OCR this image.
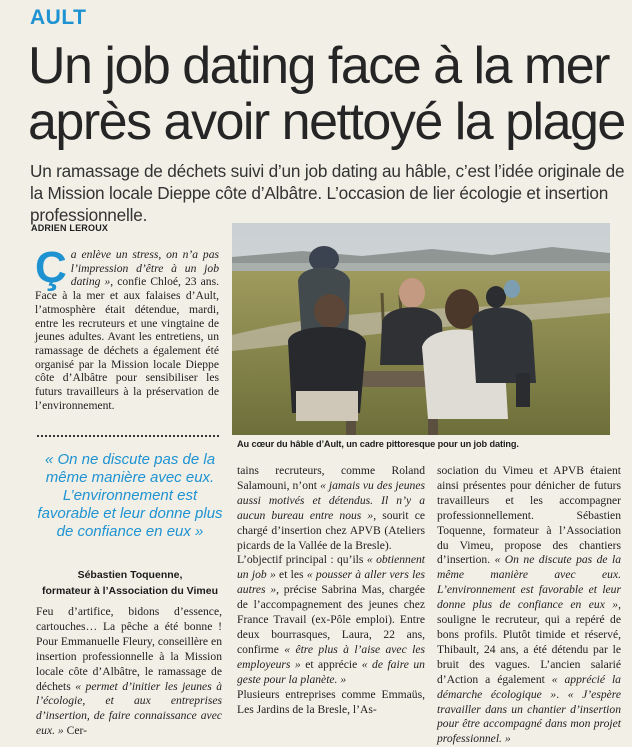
AULT
Un job dating face à la mer
après avoir nettoyé la plage
Un ramassage de déchets suivi d’un job dating au hâble, c’est l’idée originale de la Mission locale Dieppe côte d’Albâtre. L’occasion de lier écologie et insertion professionnelle.
ADRIEN LEROUX
Ça enlève un stress, on n’a pas l’impression d’être à un job dating », confie Chloé, 23 ans. Face à la mer et aux falaises d’Ault, l’atmosphère était détendue, mardi, entre les recruteurs et une vingtaine de jeunes adultes. Avant les entretiens, un ramassage de déchets a également été organisé par la Mission locale Dieppe côte d’Albâtre pour sensibiliser les futurs travailleurs à la préservation de l’environnement.
« On ne discute pas de la même manière avec eux. L’environnement est favorable et leur donne plus de confiance en eux »
Sébastien Toquenne,
formateur à l’Association du Vimeu
Au cœur du hâble d’Ault, un cadre pittoresque pour un job dating.

Feu d’artifice, bidons d’essence, cartouches… La pêche a été bonne ! Pour Emmanuelle Fleury, conseillère en insertion professionnelle à la Mission locale côte d’Albâtre, le ramassage de déchets « permet d’initier les jeunes à l’écologie, et aux entreprises d’insertion, de faire connaissance avec eux. » Cer-

tains recruteurs, comme Roland Salamouni, n’ont « jamais vu des jeunes aussi motivés et détendus. Il n’y a aucun bureau entre nous », sourit ce chargé d’insertion chez APVB (Ateliers picards de la Vallée de la Bresle).

L’objectif principal : qu’ils « obtiennent un job » et les « pousser à aller vers les autres », précise Sabrina Mas, chargée de l’accompagnement des jeunes chez France Travail (ex-Pôle emploi). Entre deux bourrasques, Laura, 22 ans, confirme « être plus à l’aise avec les employeurs » et apprécie « de faire un geste pour la planète. »

Plusieurs entreprises comme Emmaüs, Les Jardins de la Bresle, l’As-

sociation du Vimeu et APVB étaient ainsi présentes pour dénicher de futurs travailleurs et les accompagner professionnellement. Sébastien Toquenne, formateur à l’Association du Vimeu, propose des chantiers d’insertion. « On ne discute pas de la même manière avec eux. L’environnement est favorable et leur donne plus de confiance en eux », souligne le recruteur, qui a repéré de bons profils. Plutôt timide et réservé, Thibault, 24 ans, a été détendu par le bruit des vagues. L’ancien salarié d’Action a également « apprécié la démarche écologique ». « J’espère travailler dans un chantier d’insertion pour être accompagné dans mon projet professionnel. »
